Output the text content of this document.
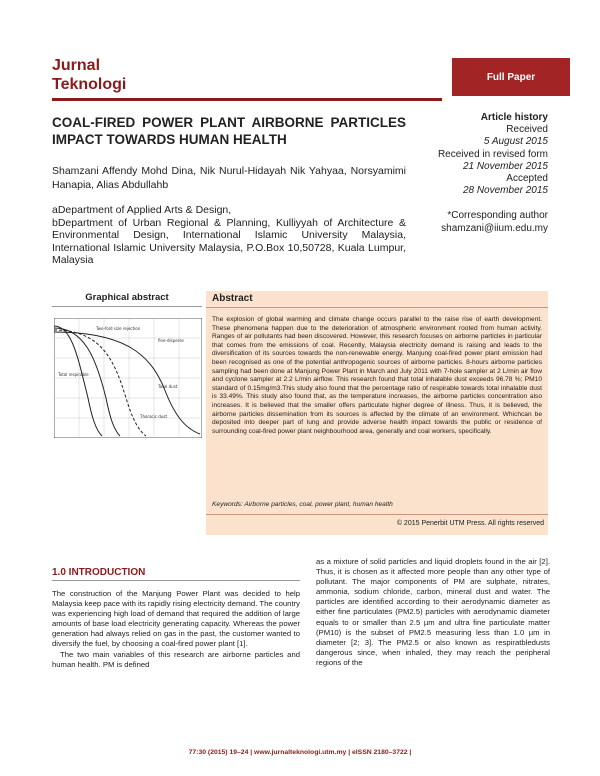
Jurnal
Teknologi	Full Paper
COAL-FIRED POWER PLANT AIRBORNE PARTICLES IMPACT TOWARDS HUMAN HEALTH
Shamzani Affendy Mohd Dina, Nik Nurul-Hidayah Nik Yahyaa, Norsyamimi Hanapia, Alias Abdullahb

aDepartment of Applied Arts & Design,

bDepartment of Urban Regional & Planning, Kulliyyah of Architecture & Environmental Design, International Islamic University Malaysia, International Islamic University Malaysia, P.O.Box 10,50728, Kuala Lumpur, Malaysia

Article history
Received
5 August 2015
Received in revised form
21 November 2015
Accepted
28 November 2015
*Corresponding author
shamzani@iium.edu.my
Graphical abstract
Two-fold size rejection
fine-disperse
Total dust
Total respirable
Thoracic dust
Abstract
The explosion of global warming and climate change occurs parallel to the raise rise of earth development. These phenomena happen due to the deterioration of atmospheric environment rooted from human activity. Ranges of air pollutants had been discovered. However, this research focuses on airborne particles in particular that comes from the emissions of coal. Recently, Malaysia electricity demand is raising and leads to the diversification of its sources towards the non-renewable energy. Manjung coal-fired power plant emission had been recognised as one of the potential anthropogenic sources of airborne particles. 8-hours airborne particles sampling had been done at Manjung Power Plant in March and July 2011 with 7-hole sampler at 2 L/min air flow and cyclone sampler at 2.2 L/min airflow. This research found that total inhalable dust exceeds 96.78 %; PM10 standard of 0.15mg/m3.This study also found that the percentage ratio of respirable towards total inhalable dust is 33.49%. This study also found that, as the temperature increases, the airborne particles concentration also increases. It is believed that the smaller offers particulate higher degree of illness. Thus, it is believed, the airborne particles dissemination from its sources is affected by the climate of an environment. Whichcan be deposited into deeper part of lung and provide adverse health impact towards the public or residence of surrounding coal-fired power plant neighbourhood area, generally and coal workers, specifically.
Keywords: Airborne particles, coal, power plant, human health
© 2015 Penerbit UTM Press. All rights reserved
1.0 INTRODUCTION

The construction of the Manjung Power Plant was decided to help Malaysia keep pace with its rapidly rising electricity demand. The country was experiencing high load of demand that required the addition of large amounts of base load electricity generating capacity. Whereas the power generation had always relied on gas in the past, the customer wanted to diversify the fuel, by choosing a coal-fired power plant [1].

The two main variables of this research are airborne particles and human health. PM is defined

as a mixture of solid particles and liquid droplets found in the air [2]. Thus, it is chosen as it affected more people than any other type of pollutant. The major components of PM are sulphate, nitrates, ammonia, sodium chloride, carbon, mineral dust and water. The particles are identified according to their aerodynamic diameter as either fine particulates (PM2.5) particles with aerodynamic diameter equals to or smaller than 2.5 µm and ultra fine particulate matter (PM10) is the subset of PM2.5 measuring less than 1.0 µm in diameter [2; 3]. The PM2.5 or also known as respiratbledusts dangerous since, when inhaled, they may reach the peripheral regions of the
77:30 (2015) 19–24 | www.jurnalteknologi.utm.my | eISSN 2180–3722 |
